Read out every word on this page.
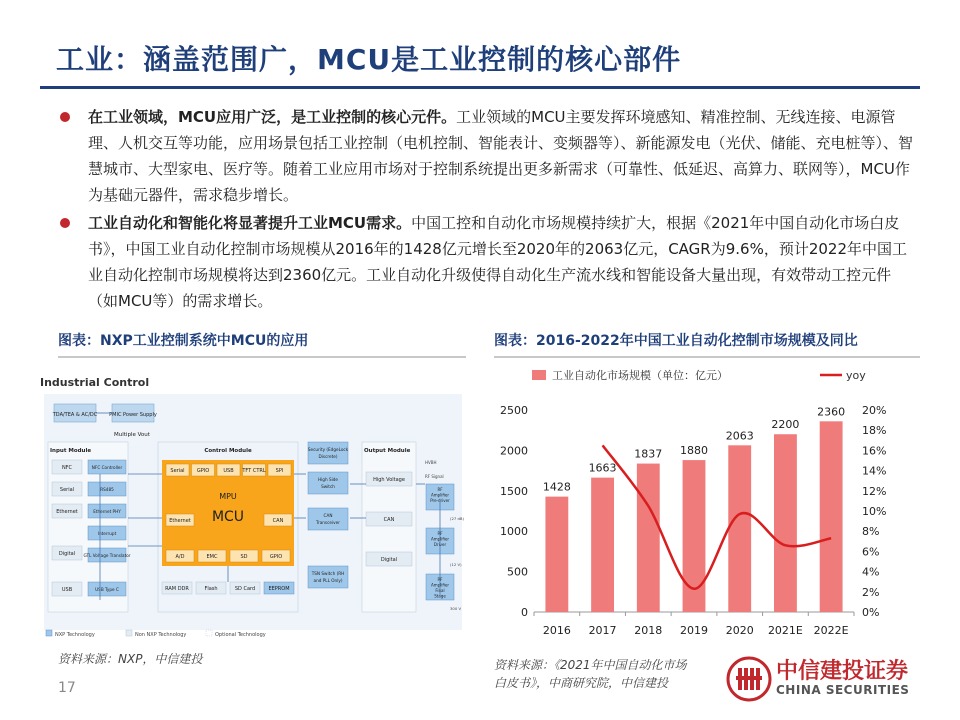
工业：涵盖范围广，MCU是工业控制的核心部件
在工业领域，MCU应用广泛，是工业控制的核心元件。工业领域的MCU主要发挥环境感知、精准控制、无线连接、电源管理、人机交互等功能，应用场景包括工业控制（电机控制、智能表计、变频器等）、新能源发电（光伏、储能、充电桩等）、智慧城市、大型家电、医疗等。随着工业应用市场对于控制系统提出更多新需求（可靠性、低延迟、高算力、联网等），MCU作为基础元器件，需求稳步增长。
工业自动化和智能化将显著提升工业MCU需求。中国工控和自动化市场规模持续扩大，根据《2021年中国自动化市场白皮书》，中国工业自动化控制市场规模从2016年的1428亿元增长至2020年的2063亿元，CAGR为9.6%，预计2022年中国工业自动化控制市场规模将达到2360亿元。工业自动化升级使得自动化生产流水线和智能设备大量出现，有效带动工控元件（如MCU等）的需求增长。
图表：NXP工业控制系统中MCU的应用	图表：2016-2022年中国工业自动化控制市场规模及同比
Industrial Control
TDA/TEA & AC/DC PMIC Power Supply
Multiple Vout
Input Module
NFC
Serial
Ethernet
Digital
USB
NFC Controller
RS485
Ethernet PHY
Interrupt
GTL Voltage Translator
USB Type C
Control Module
Serial GPIO	USB TFT CTRL SPI
MPU
MCU
Ethernet	CAN
A/D	EMC	SD	GPIO
RAM DDR	Flash	SD Card	EEPROM
Security (EdgeLock
Discrete)
High Side
Switch
CAN
Transceiver
TSN Switch (RH
and PLL Only)
Output Module
High Voltage
CAN
Digital
RF
Amplifier
Pre-driver
RF
Amplifier
Driver
RF
Amplifier
Final
Stage
HVBH
RF Signal
(27 dB)
(12 V)
300 V
NXP Technology	Non NXP Technology	Optional Technology
资料来源：NXP，中信建投
工业自动化市场规模（单位：亿元）	yoy
0
500
1000
1500
2000
2500
0%
2%
4%
6%
8%
10%
12%
14%
16%
18%
20%
2016 2017 2018 2019 2020 2021E 2022E
1428
1663
1837 1880
2063
2200
2360
资料来源：《2021年中国自动化市场
白皮书》，中商研究院，中信建投
17
中信建投证券
CHINA SECURITIES
